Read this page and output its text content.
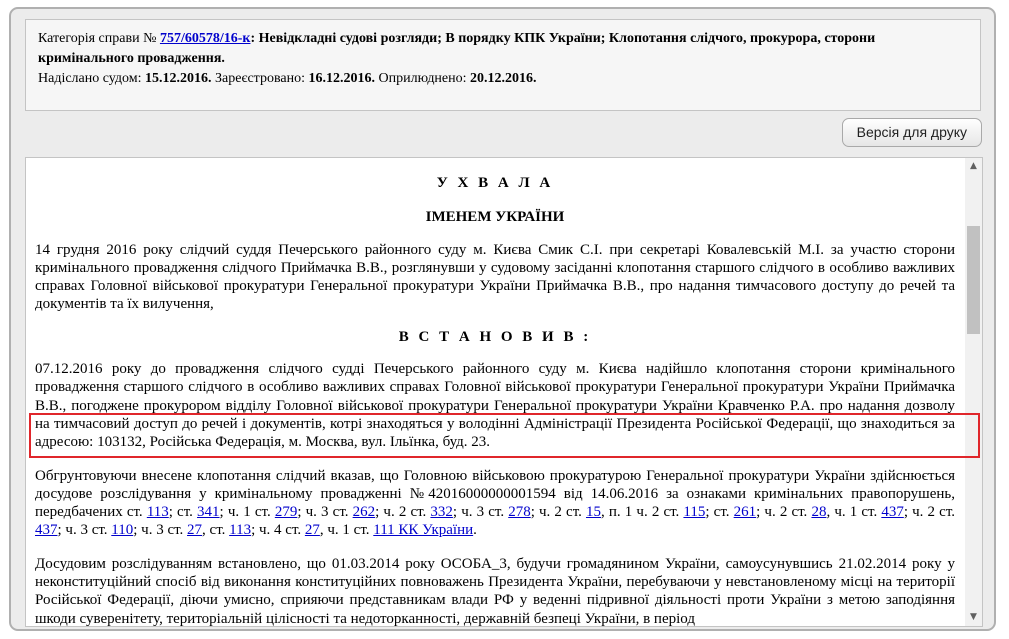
Категорія справи № 757/60578/16-к: Невідкладні судові розгляди; В порядку КПК України; Клопотання слідчого, прокурора, сторони кримінального провадження.
Надіслано судом: 15.12.2016. Зареєстровано: 16.12.2016. Оприлюднено: 20.12.2016.
Версія для друку

У Х В А Л А

ІМЕНЕМ УКРАЇНИ

14 грудня 2016 року слідчий суддя Печерського районного суду м. Києва Смик С.І. при секретарі Ковалевській М.І. за участю сторони кримінального провадження слідчого Приймачка В.В., розглянувши у судовому засіданні клопотання старшого слідчого в особливо важливих справах Головної військової прокуратури Генеральної прокуратури України Приймачка В.В., про надання тимчасового доступу до речей та документів та їх вилучення,

В С Т А Н О В И В :

07.12.2016 року до провадження слідчого судді Печерського районного суду м. Києва надійшло клопотання сторони кримінального провадження старшого слідчого в особливо важливих справах Головної військової прокуратури Генеральної прокуратури України Приймачка В.В., погоджене прокурором відділу Головної військової прокуратури Генеральної прокуратури України Кравченко Р.А. про надання дозволу на тимчасовий доступ до речей і документів, котрі знаходяться у володінні Адміністрації Президента Російської Федерації, що знаходиться за адресою: 103132, Російська Федерація, м. Москва, вул. Ільїнка, буд. 23.

Обгрунтовуючи внесене клопотання слідчий вказав, що Головною військовою прокуратурою Генеральної прокуратури України здійснюється досудове розслідування у кримінальному провадженні №42016000000001594 від 14.06.2016 за ознаками кримінальних правопорушень, передбачених ст. 113; ст. 341; ч. 1 ст. 279; ч. 3 ст. 262; ч. 2 ст. 332; ч. 3 ст. 278; ч. 2 ст. 15, п. 1 ч. 2 ст. 115; ст. 261; ч. 2 ст. 28, ч. 1 ст. 437; ч. 2 ст. 437; ч. 3 ст. 110; ч. 3 ст. 27, ст. 113; ч. 4 ст. 27, ч. 1 ст. 111 КК України.

Досудовим розслідуванням встановлено, що 01.03.2014 року ОСОБА_3, будучи громадянином України, самоусунувшись 21.02.2014 року у неконституційний спосіб від виконання конституційних повноважень Президента України, перебуваючи у невстановленому місці на території Російської Федерації, діючи умисно, сприяючи представникам влади РФ у веденні підривної діяльності проти України з метою заподіяння шкоди суверенітету, територіальній цілісності та недоторканності, державній безпеці України, в період

▲
▼
